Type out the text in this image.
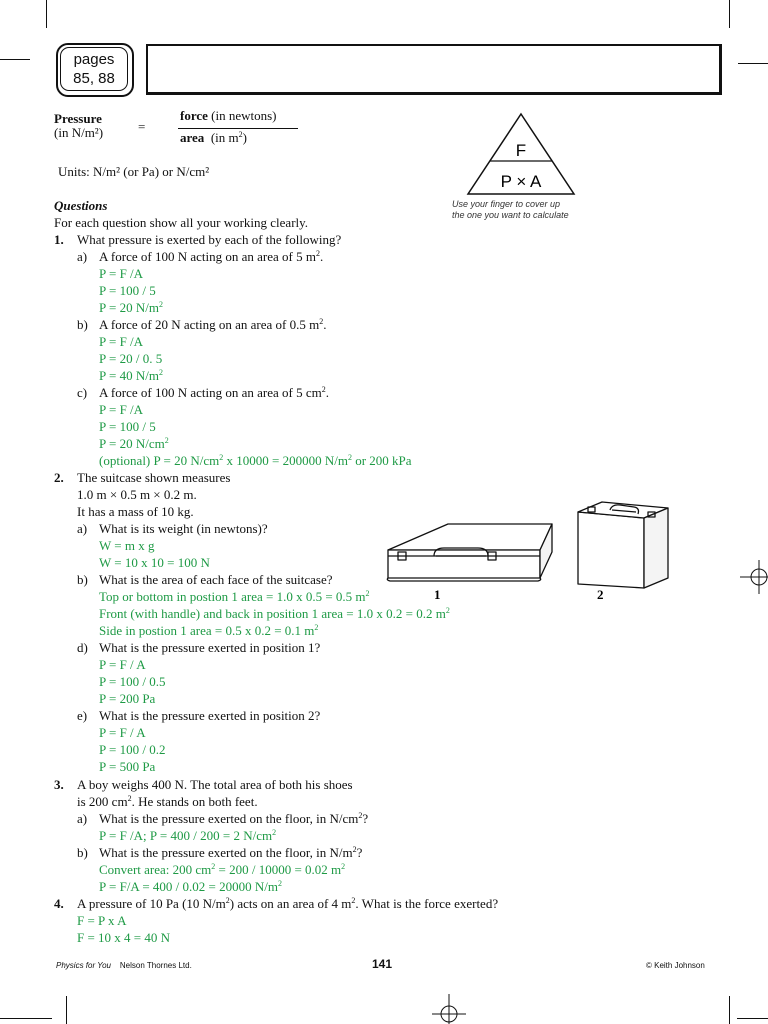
pages
85, 88
Pressure
(in N/m²)	=
force (in newtons)
area (in $m^2$)
Units: N/m² (or Pa) or N/cm²
F
P × A
Use your finger to cover up
the one you want to calculate
Questions
For each question show all your working clearly.
1. What pressure is exerted by each of the following?
a) A force of 100 N acting on an area of 5 $m^2$.
P = F /A
P = 100 / 5
P = 20 $N/m^2$
b) A force of 20 N acting on an area of 0.5 $m^2$.
P = F /A
P = 20 / 0. 5
P = 40 $N/m^2$
c) A force of 100 N acting on an area of 5 $cm^2$.
P = F /A
P = 100 / 5
P = 20 $N/cm^2$
(optional) P = 20 $N/cm^2$ x 10000 = 200000 $N/m^2$ or 200 kPa
2. The suitcase shown measures
1.0 m × 0.5 m × 0.2 m.
It has a mass of 10 kg.
a) What is its weight (in newtons)?
W = m x g
W = 10 x 10 = 100 N
b) What is the area of each face of the suitcase?
Top or bottom in postion 1 area = 1.0 x 0.5 = 0.5 $m^2$
Front (with handle) and back in position 1 area = 1.0 x 0.2 = 0.2 $m^2$
Side in postion 1 area = 0.5 x 0.2 = 0.1 $m^2$
d) What is the pressure exerted in position 1?
P = F / A
P = 100 / 0.5
P = 200 Pa
e) What is the pressure exerted in position 2?
P = F / A
P = 100 / 0.2
P = 500 Pa
1	2
3. A boy weighs 400 N. The total area of both his shoes
is 200 $cm^2$. He stands on both feet.
a) What is the pressure exerted on the floor, in $N/cm^2$?
P = F /A; P = 400 / 200 = 2 $N/cm^2$
b) What is the pressure exerted on the floor, in $N/m^2$?
Convert area: 200 $cm^2 = 200 / 10000 = 0.02$ $m^2$
P = F/A = 400 / 0.02 = 20000 $N/m^2$
4. A pressure of 10 Pa (10 $N/m^2$) acts on an area of 4 $m^2$. What is the force exerted?
F = P x A
F = 10 x 4 = 40 N
Physics for You Nelson Thornes Ltd.	141	© Keith Johnson
